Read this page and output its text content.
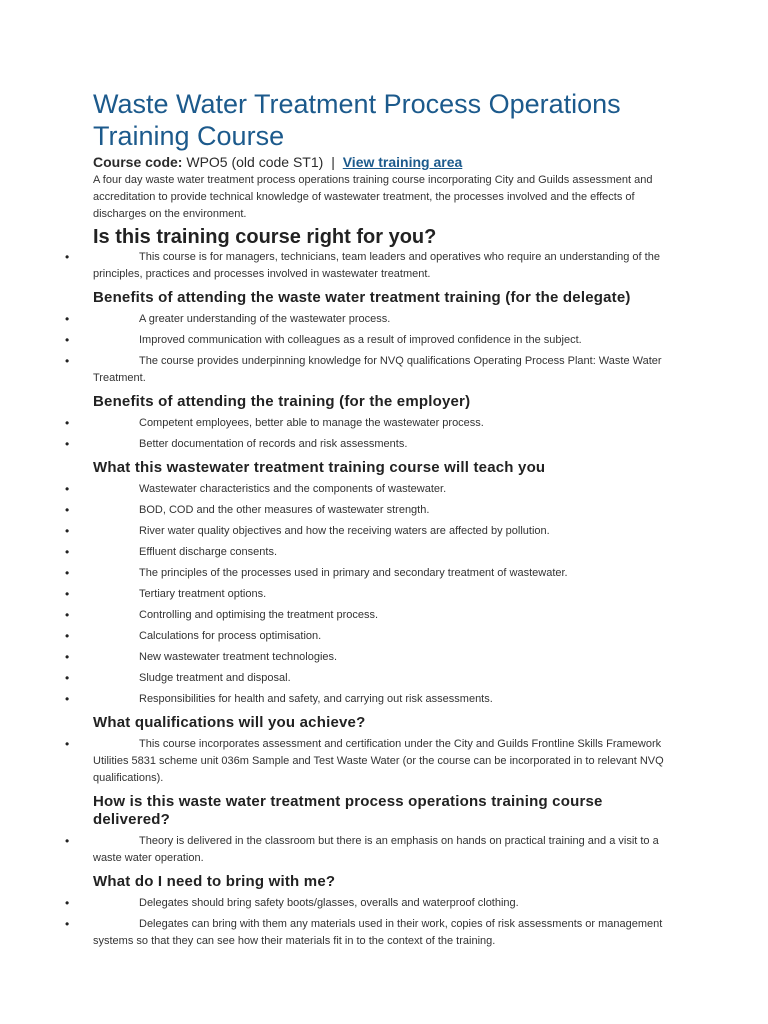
Waste Water Treatment Process Operations Training Course
Course code: WPO5 (old code ST1) | View training area

A four day waste water treatment process operations training course incorporating City and Guilds assessment and accreditation to provide technical knowledge of wastewater treatment, the processes involved and the effects of discharges on the environment.

Is this training course right for you?
•	This course is for managers, technicians, team leaders and operatives who require an understanding of the principles, practices and processes involved in wastewater treatment.
Benefits of attending the waste water treatment training (for the delegate)
•	A greater understanding of the wastewater process.
•	Improved communication with colleagues as a result of improved confidence in the subject.
•	The course provides underpinning knowledge for NVQ qualifications Operating Process Plant: Waste Water Treatment.
Benefits of attending the training (for the employer)
•	Competent employees, better able to manage the wastewater process.
•	Better documentation of records and risk assessments.
What this wastewater treatment training course will teach you
•	Wastewater characteristics and the components of wastewater.
•	BOD, COD and the other measures of wastewater strength.
•	River water quality objectives and how the receiving waters are affected by pollution.
•	Effluent discharge consents.
•	The principles of the processes used in primary and secondary treatment of wastewater.
•	Tertiary treatment options.
•	Controlling and optimising the treatment process.
•	Calculations for process optimisation.
•	New wastewater treatment technologies.
•	Sludge treatment and disposal.
•	Responsibilities for health and safety, and carrying out risk assessments.
What qualifications will you achieve?
•	This course incorporates assessment and certification under the City and Guilds Frontline Skills Framework Utilities 5831 scheme unit 036m Sample and Test Waste Water (or the course can be incorporated in to relevant NVQ qualifications).
How is this waste water treatment process operations training course delivered?
•	Theory is delivered in the classroom but there is an emphasis on hands on practical training and a visit to a waste water operation.
What do I need to bring with me?
•	Delegates should bring safety boots/glasses, overalls and waterproof clothing.
•	Delegates can bring with them any materials used in their work, copies of risk assessments or management systems so that they can see how their materials fit in to the context of the training.
